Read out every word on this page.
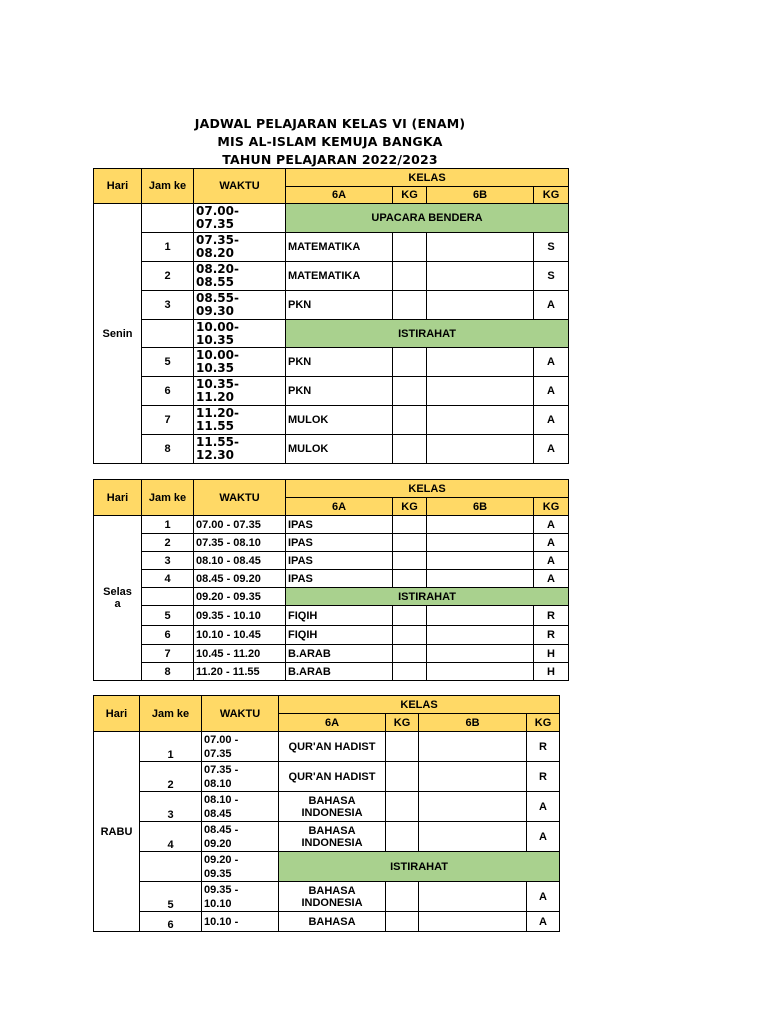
JADWAL PELAJARAN KELAS VI (ENAM)
MIS AL-ISLAM KEMUJA BANGKA
TAHUN PELAJARAN 2022/2023
Hari	Jam ke	WAKTU	KELAS			
			6A	KG	6B	KG
Senin		07.00-
07.35	UPACARA BENDERA			
	1	07.35-
08.20	MATEMATIKA			S
	2	08.20-
08.55	MATEMATIKA			S
	3	08.55-
09.30	PKN			A
		10.00-
10.35	ISTIRAHAT			
	5	10.00-
10.35	PKN			A
	6	10.35-
11.20	PKN			A
	7	11.20-
11.55	MULOK			A
	8	11.55-
12.30	MULOK			A
Hari	Jam ke	WAKTU	KELAS			
			6A	KG	6B	KG
Selas
a	1	07.00 - 07.35	IPAS			A
	2	07.35 - 08.10	IPAS			A
	3	08.10 - 08.45	IPAS			A
	4	08.45 - 09.20	IPAS			A
		09.20 - 09.35	ISTIRAHAT			
	5	09.35 - 10.10	FIQIH			R
	6	10.10 - 10.45	FIQIH			R
	7	10.45 - 11.20	B.ARAB			H
	8	11.20 - 11.55	B.ARAB			H
Hari	Jam ke	WAKTU	KELAS			
			6A	KG	6B	KG
RABU	1	07.00 -
07.35	QUR'AN HADIST			R
	2	07.35 -
08.10	QUR'AN HADIST			R
	3	08.10 -
08.45	BAHASA
INDONESIA			A
	4	08.45 -
09.20	BAHASA
INDONESIA			A
		09.20 -
09.35	ISTIRAHAT			
	5	09.35 -
10.10	BAHASA
INDONESIA			A
	6	10.10 -	BAHASA			A
